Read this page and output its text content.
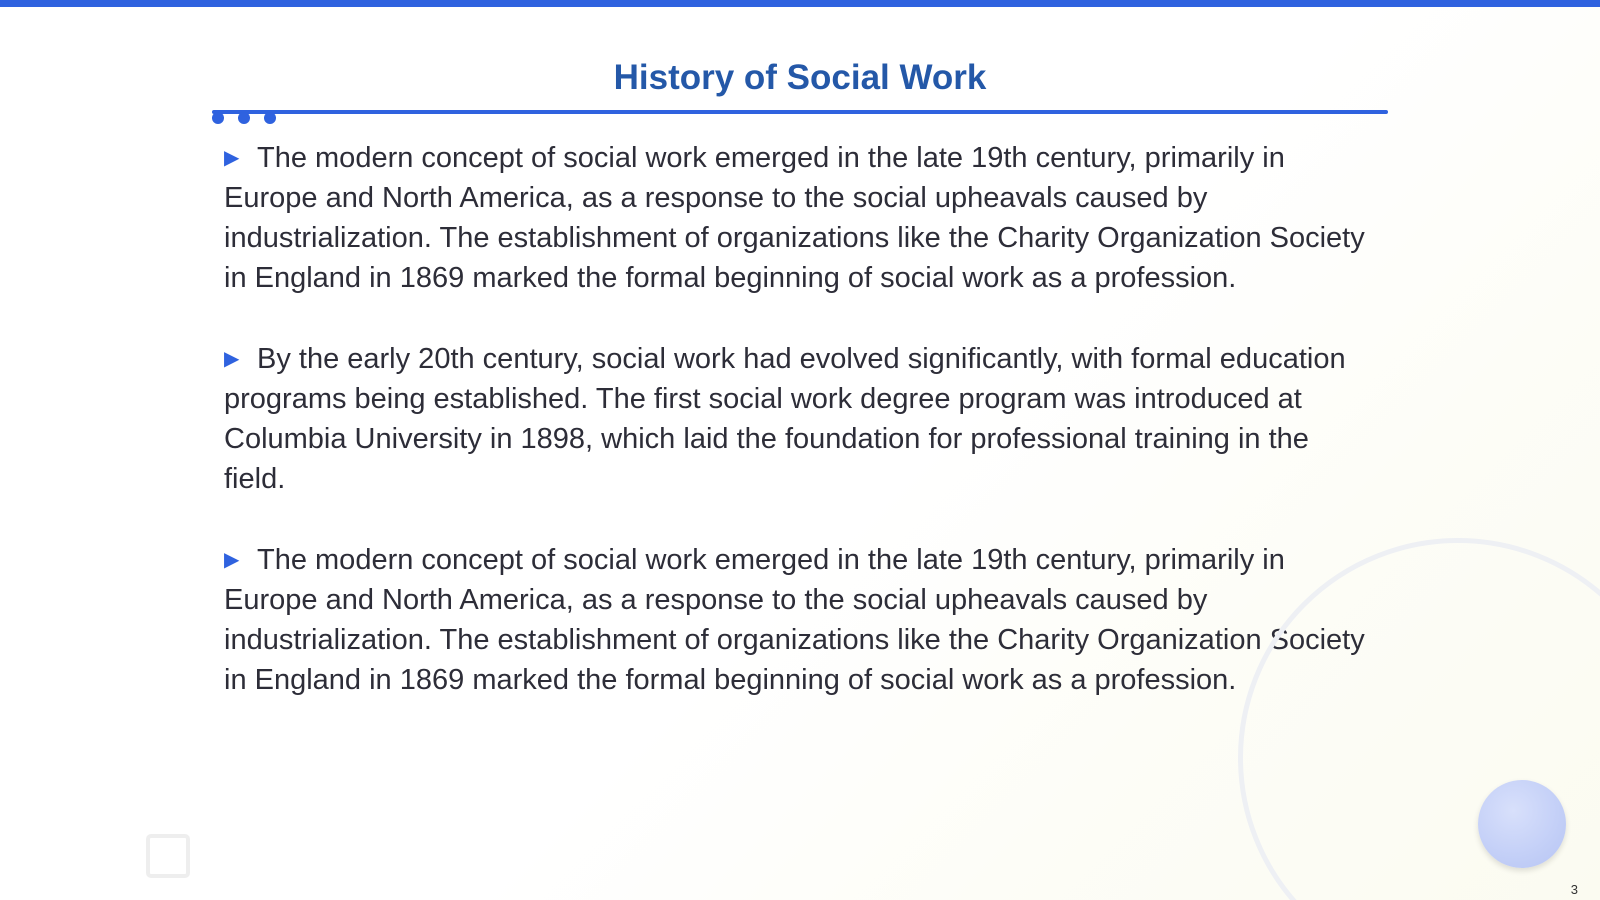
History of Social Work

▶ The modern concept of social work emerged in the late 19th century, primarily in Europe and North America, as a response to the social upheavals caused by industrialization. The establishment of organizations like the Charity Organization Society in England in 1869 marked the formal beginning of social work as a profession.

▶ By the early 20th century, social work had evolved significantly, with formal education programs being established. The first social work degree program was introduced at Columbia University in 1898, which laid the foundation for professional training in the field.

▶ The modern concept of social work emerged in the late 19th century, primarily in Europe and North America, as a response to the social upheavals caused by industrialization. The establishment of organizations like the Charity Organization Society in England in 1869 marked the formal beginning of social work as a profession.

3
